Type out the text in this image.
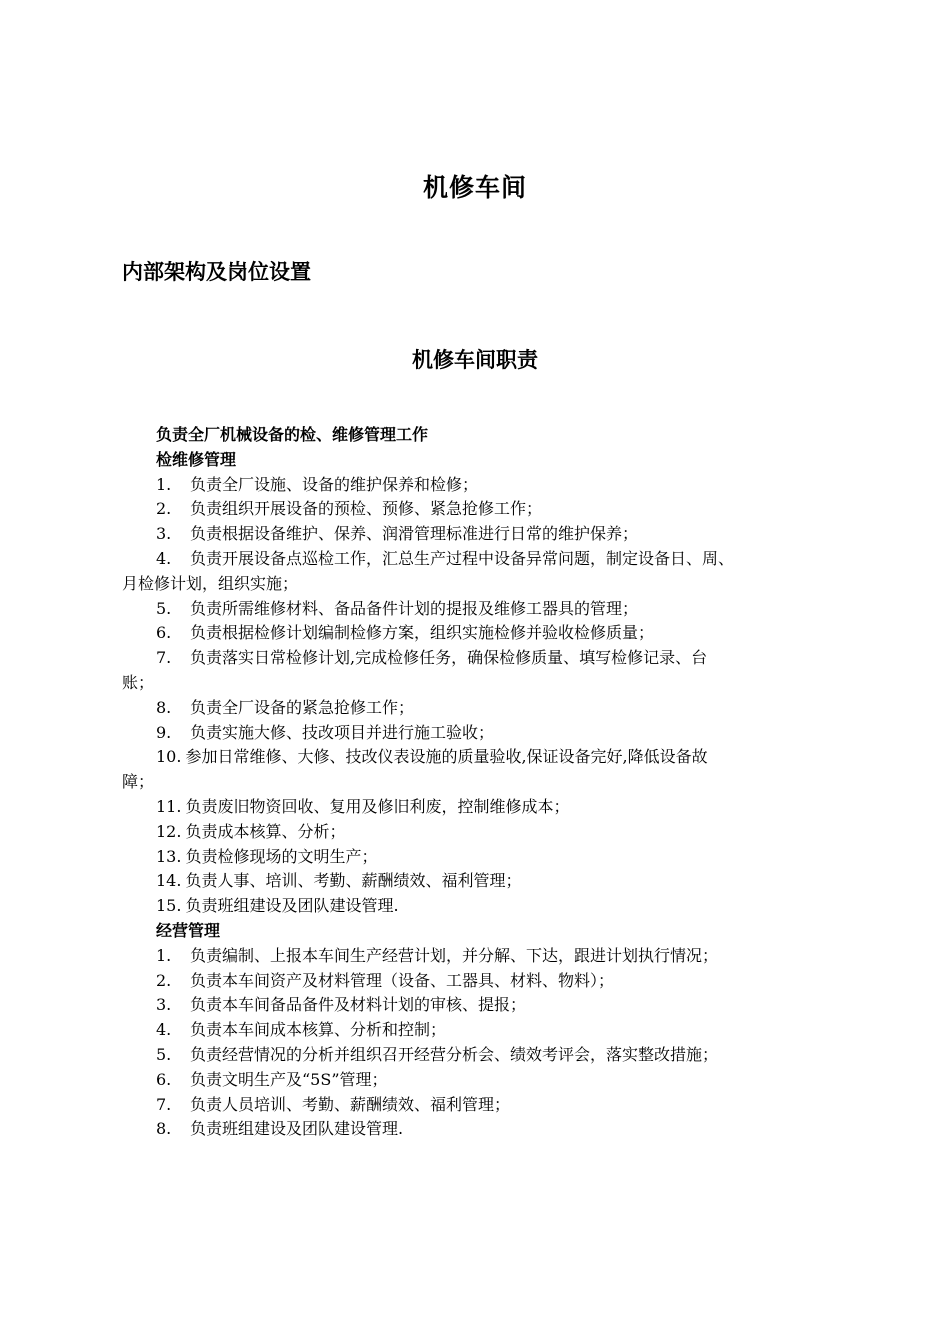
机修车间
内部架构及岗位设置
机修车间职责
负责全厂机械设备的检、维修管理工作
检维修管理
1. 负责全厂设施、设备的维护保养和检修；
2. 负责组织开展设备的预检、预修、紧急抢修工作；
3. 负责根据设备维护、保养、润滑管理标准进行日常的维护保养；
4. 负责开展设备点巡检工作，汇总生产过程中设备异常问题，制定设备日、周、
月检修计划，组织实施；
5. 负责所需维修材料、备品备件计划的提报及维修工器具的管理；
6. 负责根据检修计划编制检修方案，组织实施检修并验收检修质量；
7. 负责落实日常检修计划,完成检修任务，确保检修质量、填写检修记录、台
账；
8. 负责全厂设备的紧急抢修工作；
9. 负责实施大修、技改项目并进行施工验收；
10. 参加日常维修、大修、技改仪表设施的质量验收,保证设备完好,降低设备故
障；
11. 负责废旧物资回收、复用及修旧利废，控制维修成本；
12. 负责成本核算、分析；
13. 负责检修现场的文明生产；
14. 负责人事、培训、考勤、薪酬绩效、福利管理；
15. 负责班组建设及团队建设管理.
经营管理
1. 负责编制、上报本车间生产经营计划，并分解、下达，跟进计划执行情况；
2. 负责本车间资产及材料管理（设备、工器具、材料、物料）；
3. 负责本车间备品备件及材料计划的审核、提报；
4. 负责本车间成本核算、分析和控制；
5. 负责经营情况的分析并组织召开经营分析会、绩效考评会，落实整改措施；
6. 负责文明生产及“5S”管理；
7. 负责人员培训、考勤、薪酬绩效、福利管理；
8. 负责班组建设及团队建设管理.
